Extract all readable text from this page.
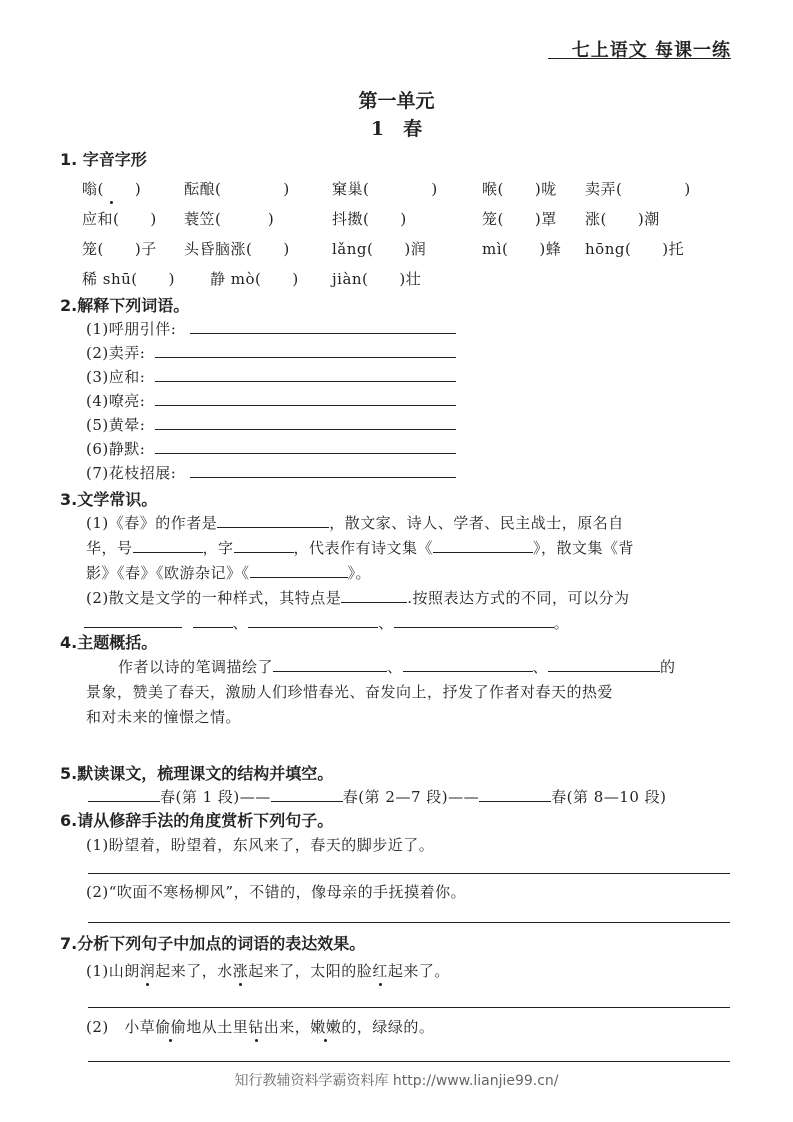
七上语文 每课一练
第一单元
1　春
1. 字音字形
嗡(　　)	酝酿(　　　　)	窠巢(　　　　)	喉(　　)咙 卖弄(　　　　)
应和(　　) 蓑笠(　　　)	抖擞(　　)	笼(　　)罩 涨(　　)潮
笼(　　)子 头昏脑涨(　　)	lǎng(　　)润	mì(　　)蜂 hōng(　　)托
稀 shū(　　) 静 mò(　　) jiàn(　　)壮
2.解释下列词语。
(1)呼朋引伴:
(2)卖弄:
(3)应和:
(4)嘹亮:
(5)黄晕:
(6)静默:
(7)花枝招展:
3.文学常识。
(1)《春》的作者是	，散文家、诗人、学者、民主战士，原名自
华，号	，字	，代表作有诗文集《	》，散文集《背
影》《春》《欧游杂记》《	》。
(2)散文是文学的一种样式，其特点是	.按照表达方式的不同，可以分为
、	、	。
4.主题概括。
作者以诗的笔调描绘了	、	、	的
景象，赞美了春天，激励人们珍惜春光、奋发向上，抒发了作者对春天的热爱
和对未来的憧憬之情。
5.默读课文，梳理课文的结构并填空。
春(第 1 段)——	春(第 2—7 段)——	春(第 8—10 段)
6.请从修辞手法的角度赏析下列句子。
(1)盼望着，盼望着，东风来了，春天的脚步近了。
(2)“吹面不寒杨柳风”，不错的，像母亲的手抚摸着你。
7.分析下列句子中加点的词语的表达效果。
(1)山朗润起来了，水涨起来了，太阳的脸红起来了。
(2)　小草偷偷地从土里钻出来，嫩嫩的，绿绿的。
知行教辅资料学霸资料库 http://www.lianjie99.cn/
